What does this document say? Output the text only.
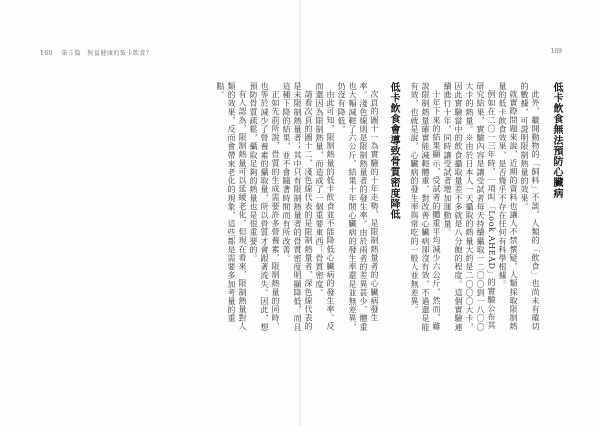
160 第５篇　無益健康的低卡飲食？	169
低卡飲食無法預防心臟病

此外，繼開動物的「飼料」不談，人類的「飲食」也尚未有確切的數據，可證明限制熱量的效果。

就實際問題來說，近期的資料也讓人不禁懷疑，人類採取限制熱量的低卡飲食效果，是否幾乎不存在任何有科學根據。

例如在二〇一三年時，一項叫「Look AHEAD」的實驗公布其研究結果，實驗內容是讓受試者每天持續攝取一二〇〇到一八〇〇大卡的熱量。※由於日本人一天攝取的熱量大約是二〇〇〇大卡，因此實驗當中的飲食攝取量差不多就是八分飽的程度。這個實驗連續進行十年，同時讓受試者增加運動量。

十年下來的結果顯示，受試者的體重平均減少六公斤，然而，雖說限制熱量確實能減輕體重，對改善心臟病卻沒有效，不過還是能有效，也就是說，心臟病的發生率與常吃的一般人並無差異。

低卡飲食會導致骨質密度降低

次頁的圖十一為實驗的十年走勢，是限制熱量者的心臟病發生率。淺色線則是限制熱量者的發生率。由於兩者的差異甚少，體重也大幅減輕了六公斤，結果十年間心臟病的發生率還是並無差異，仍沒有降低。

由此可知，限制熱量的低卡飲食並不能降低心臟病的發生率。反而還因為限制熱量，而造成了一個重要東西：骨質密度。

請看次頁的圖十二，淺色線代表的是限制熱量者，深色線代表的是未限制熱量者；其中只有限制熱量者的骨質密度明顯降低，而且這種下降的結果，並不會隨著時間而有所改善。

正如先前所說，骨質的生成需要許多營養素，限制熱量的同時，也等於減少了營養素的攝取量，所以骨質才會跟著流失。因此，想預防骨質疏鬆，攝取足夠的熱量也是很重要的。

有人認為，限制熱量可以延緩老化，但現在看來，限制熱量對人類的效果，反而會帶來老化的現象，這些都是需要多加考量的重點。
